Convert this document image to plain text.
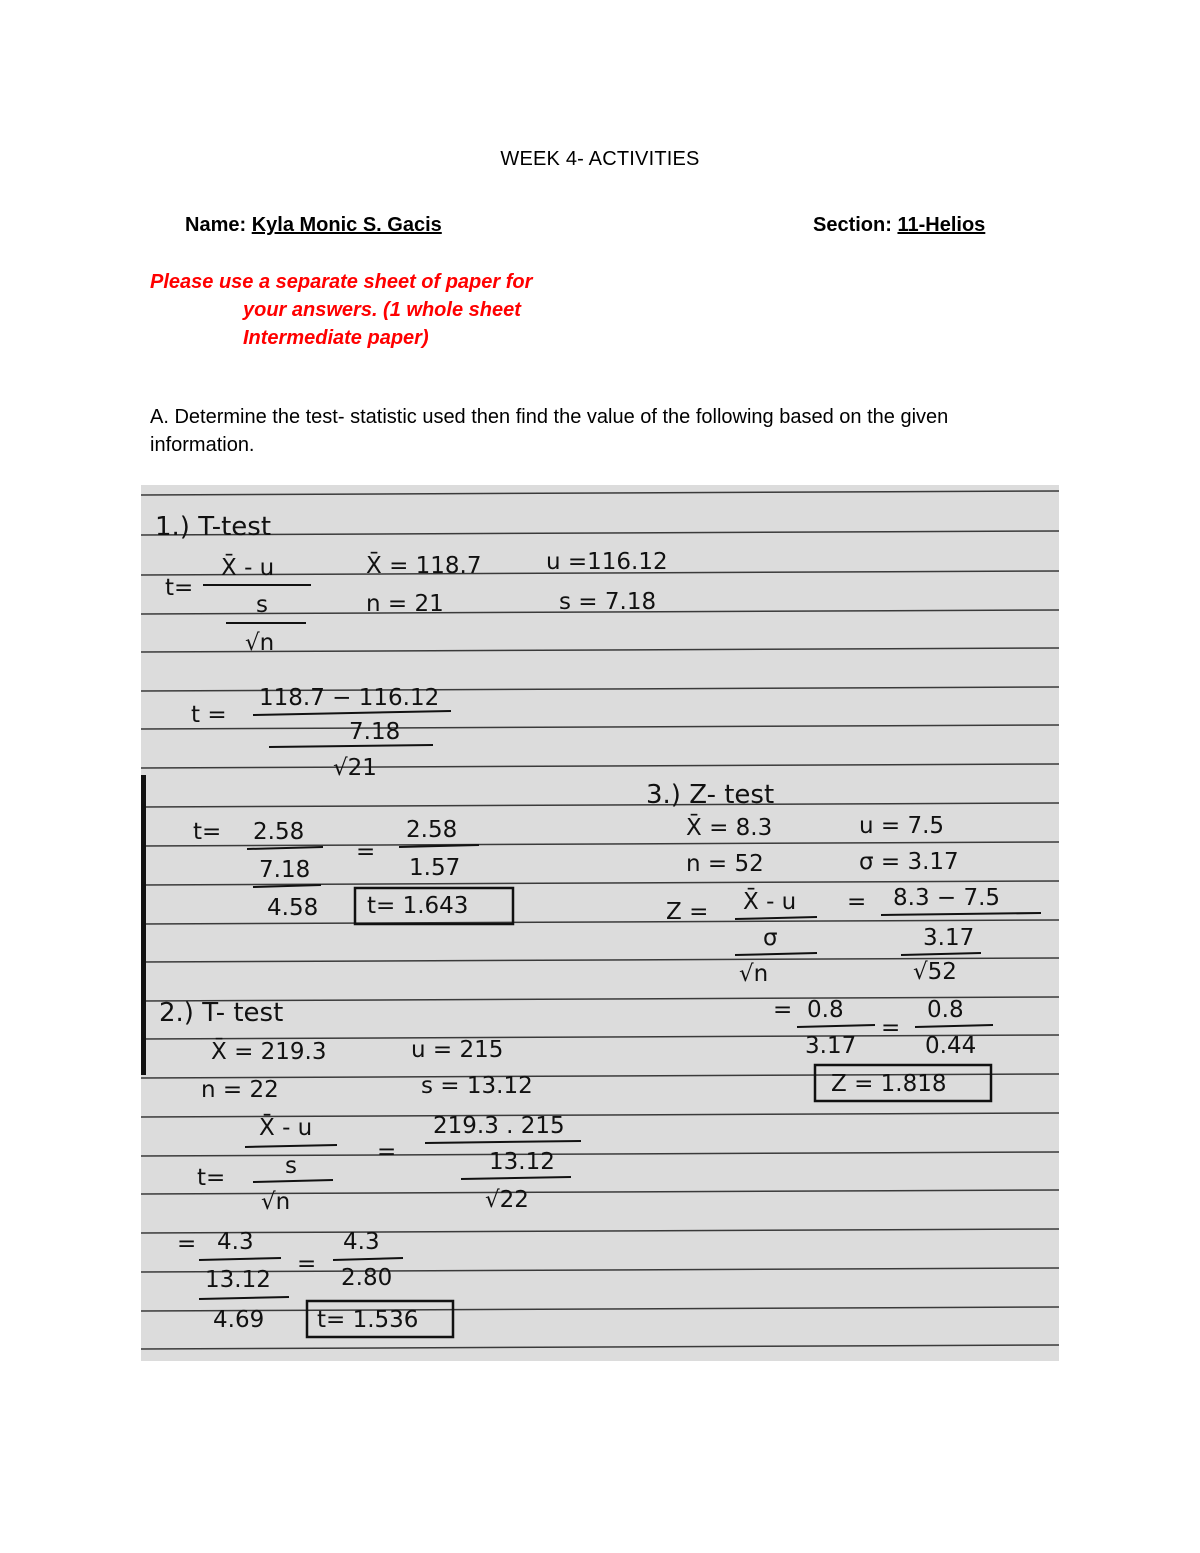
WEEK 4- ACTIVITIES
Name: Kyla Monic S. Gacis	Section: 11-Helios
Please use a separate sheet of paper for
your answers. (1 whole sheet
Intermediate paper)
A. Determine the test- statistic used then find the value of the following based on the given information.
1.) T-test
t=
X̄ - u
s
√n
X̄ = 118.7	u =116.12
n = 21	s = 7.18
t =
118.7 − 116.12
7.18
√21
t= 2.58
7.18
4.58
=
2.58
1.57
t= 1.643
2.) T- test
X̄ = 219.3	u = 215
n = 22	s = 13.12
X̄ - u
t=	s
√n
=
219.3 . 215
13.12
√22
= 4.3
13.12
4.69
=
4.3
2.80
t= 1.536
3.) Z- test
X̄ = 8.3	u = 7.5
n = 52	σ = 3.17
Z = X̄ - u
σ
√n
= 8.3 − 7.5
3.17
√52
= 0.8
3.17
=
0.8
0.44
Z = 1.818
